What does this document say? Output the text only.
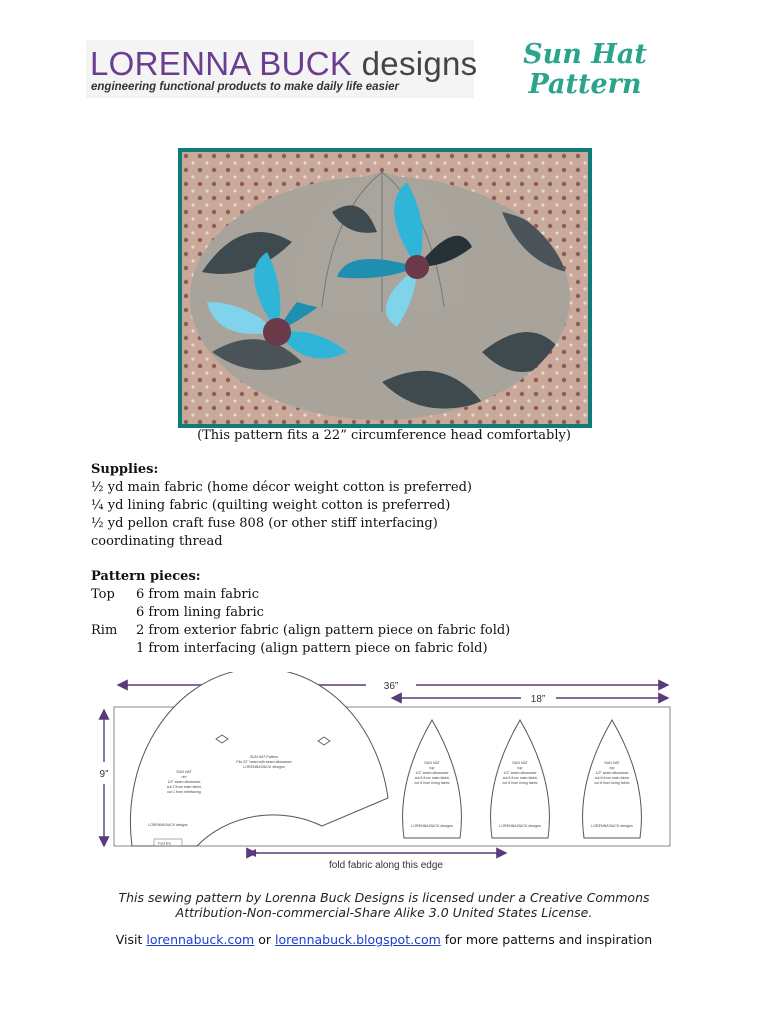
LORENNA BUCK designs
engineering functional products to make daily life easier
Sun Hat
Pattern
(This pattern fits a 22” circumference head comfortably)
Supplies:
½ yd main fabric (home décor weight cotton is preferred)
¼ yd lining fabric (quilting weight cotton is preferred)
½ yd pellon craft fuse 808 (or other stiff interfacing)
coordinating thread
Pattern pieces:
Top 6 from main fabric
6 from lining fabric
Rim 2 from exterior fabric (align pattern piece on fabric fold)
1 from interfacing (align pattern piece on fabric fold)
36”
18”
9”
Fold line
SUN HAT
rim
1/2" seam allowance
cut 2 from main fabric
cut 1 from interfacing
SUN HAT Pattern
Fits 22" head with seam allowance
LORENNA BUCK designs
LORENNA BUCK designs
SUN HAT
top
1/2" seam allowance
cut 6 from main fabric
cut 6 from lining fabric
LORENNA BUCK designs
SUN HAT
top
1/2" seam allowance
cut 6 from main fabric
cut 6 from lining fabric
LORENNA BUCK designs
SUN HAT
top
1/2" seam allowance
cut 6 from main fabric
cut 6 from lining fabric
LORENNA BUCK designs
fold fabric along this edge
This sewing pattern by Lorenna Buck Designs is licensed under a Creative Commons
Attribution-Non-commercial-Share Alike 3.0 United States License.
Visit lorennabuck.com or lorennabuck.blogspot.com for more patterns and inspiration
